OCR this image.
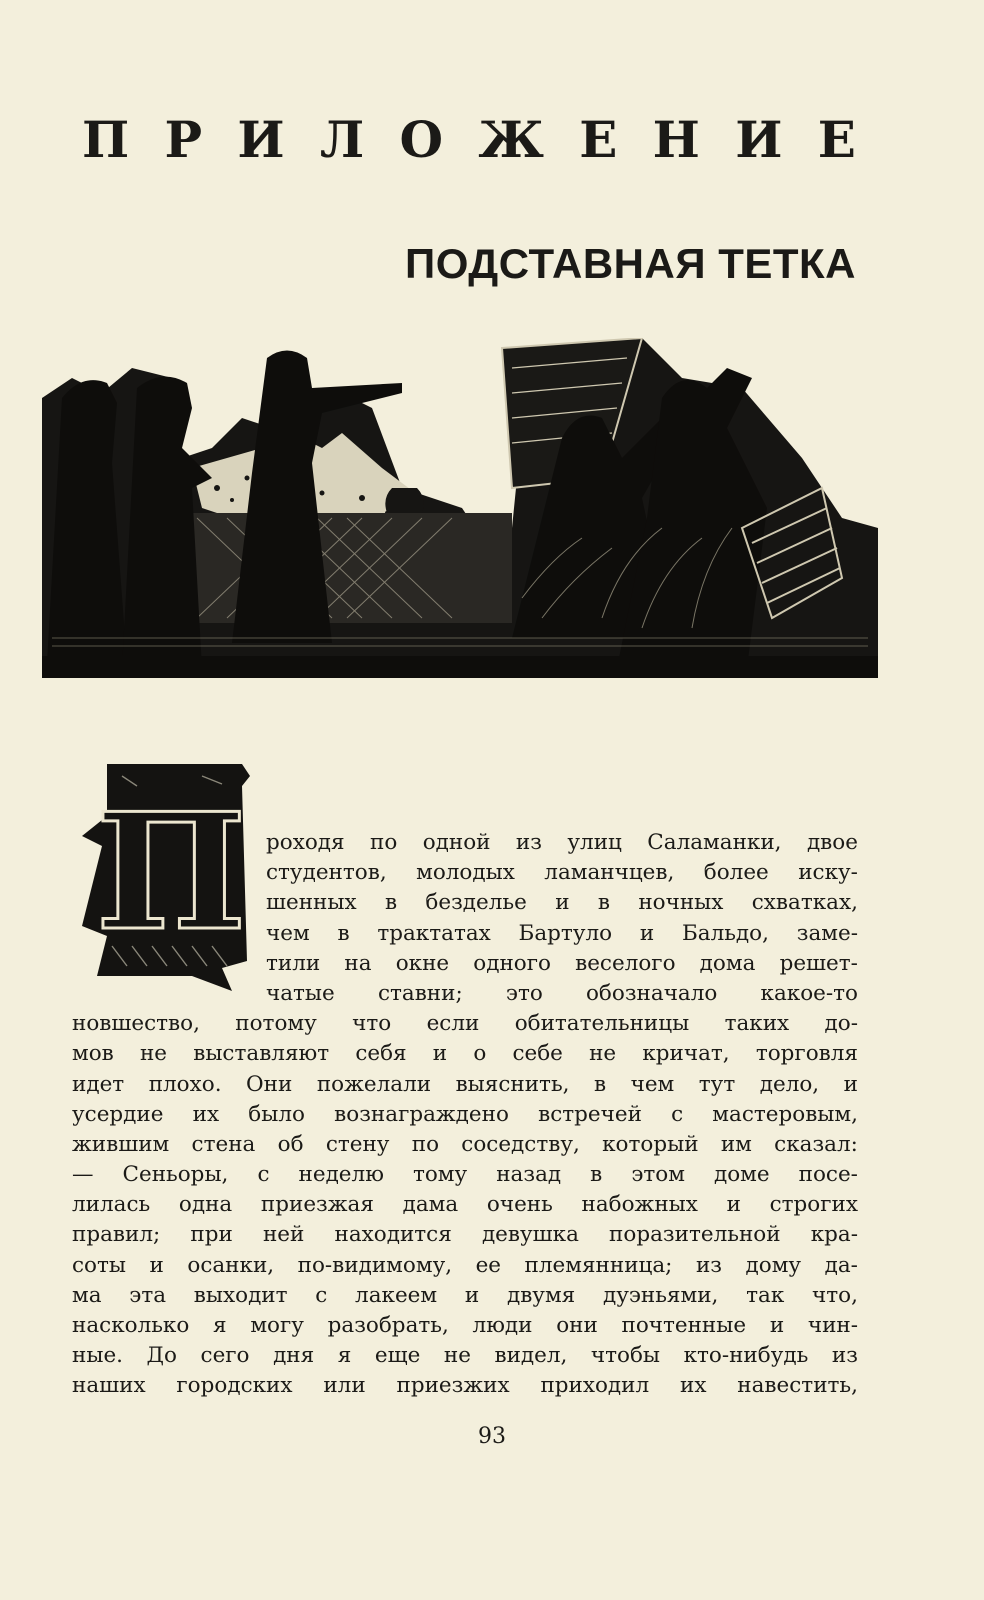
П Р И Л О Ж Е Н И Е
ПОДСТАВНАЯ ТЕТКА
П роходя по одной из улиц Саламанки, двое
студентов, молодых ламанчцев, более иску-
шенных в безделье и в ночных схватках,
чем в трактатах Бартуло и Бальдо, заме-
тили на окне одного веселого дома решет-
чатые ставни; это обозначало какое-то
новшество, потому что если обитательницы таких до-
мов не выставляют себя и о себе не кричат, торговля
идет плохо. Они пожелали выяснить, в чем тут дело, и
усердие их было вознаграждено встречей с мастеровым,
жившим стена об стену по соседству, который им сказал:
— Сеньоры, с неделю тому назад в этом доме посе-
лилась одна приезжая дама очень набожных и строгих
правил; при ней находится девушка поразительной кра-
соты и осанки, по-видимому, ее племянница; из дому да-
ма эта выходит с лакеем и двумя дуэньями, так что,
насколько я могу разобрать, люди они почтенные и чин-
ные. До сего дня я еще не видел, чтобы кто-нибудь из
наших городских или приезжих приходил их навестить,

93
